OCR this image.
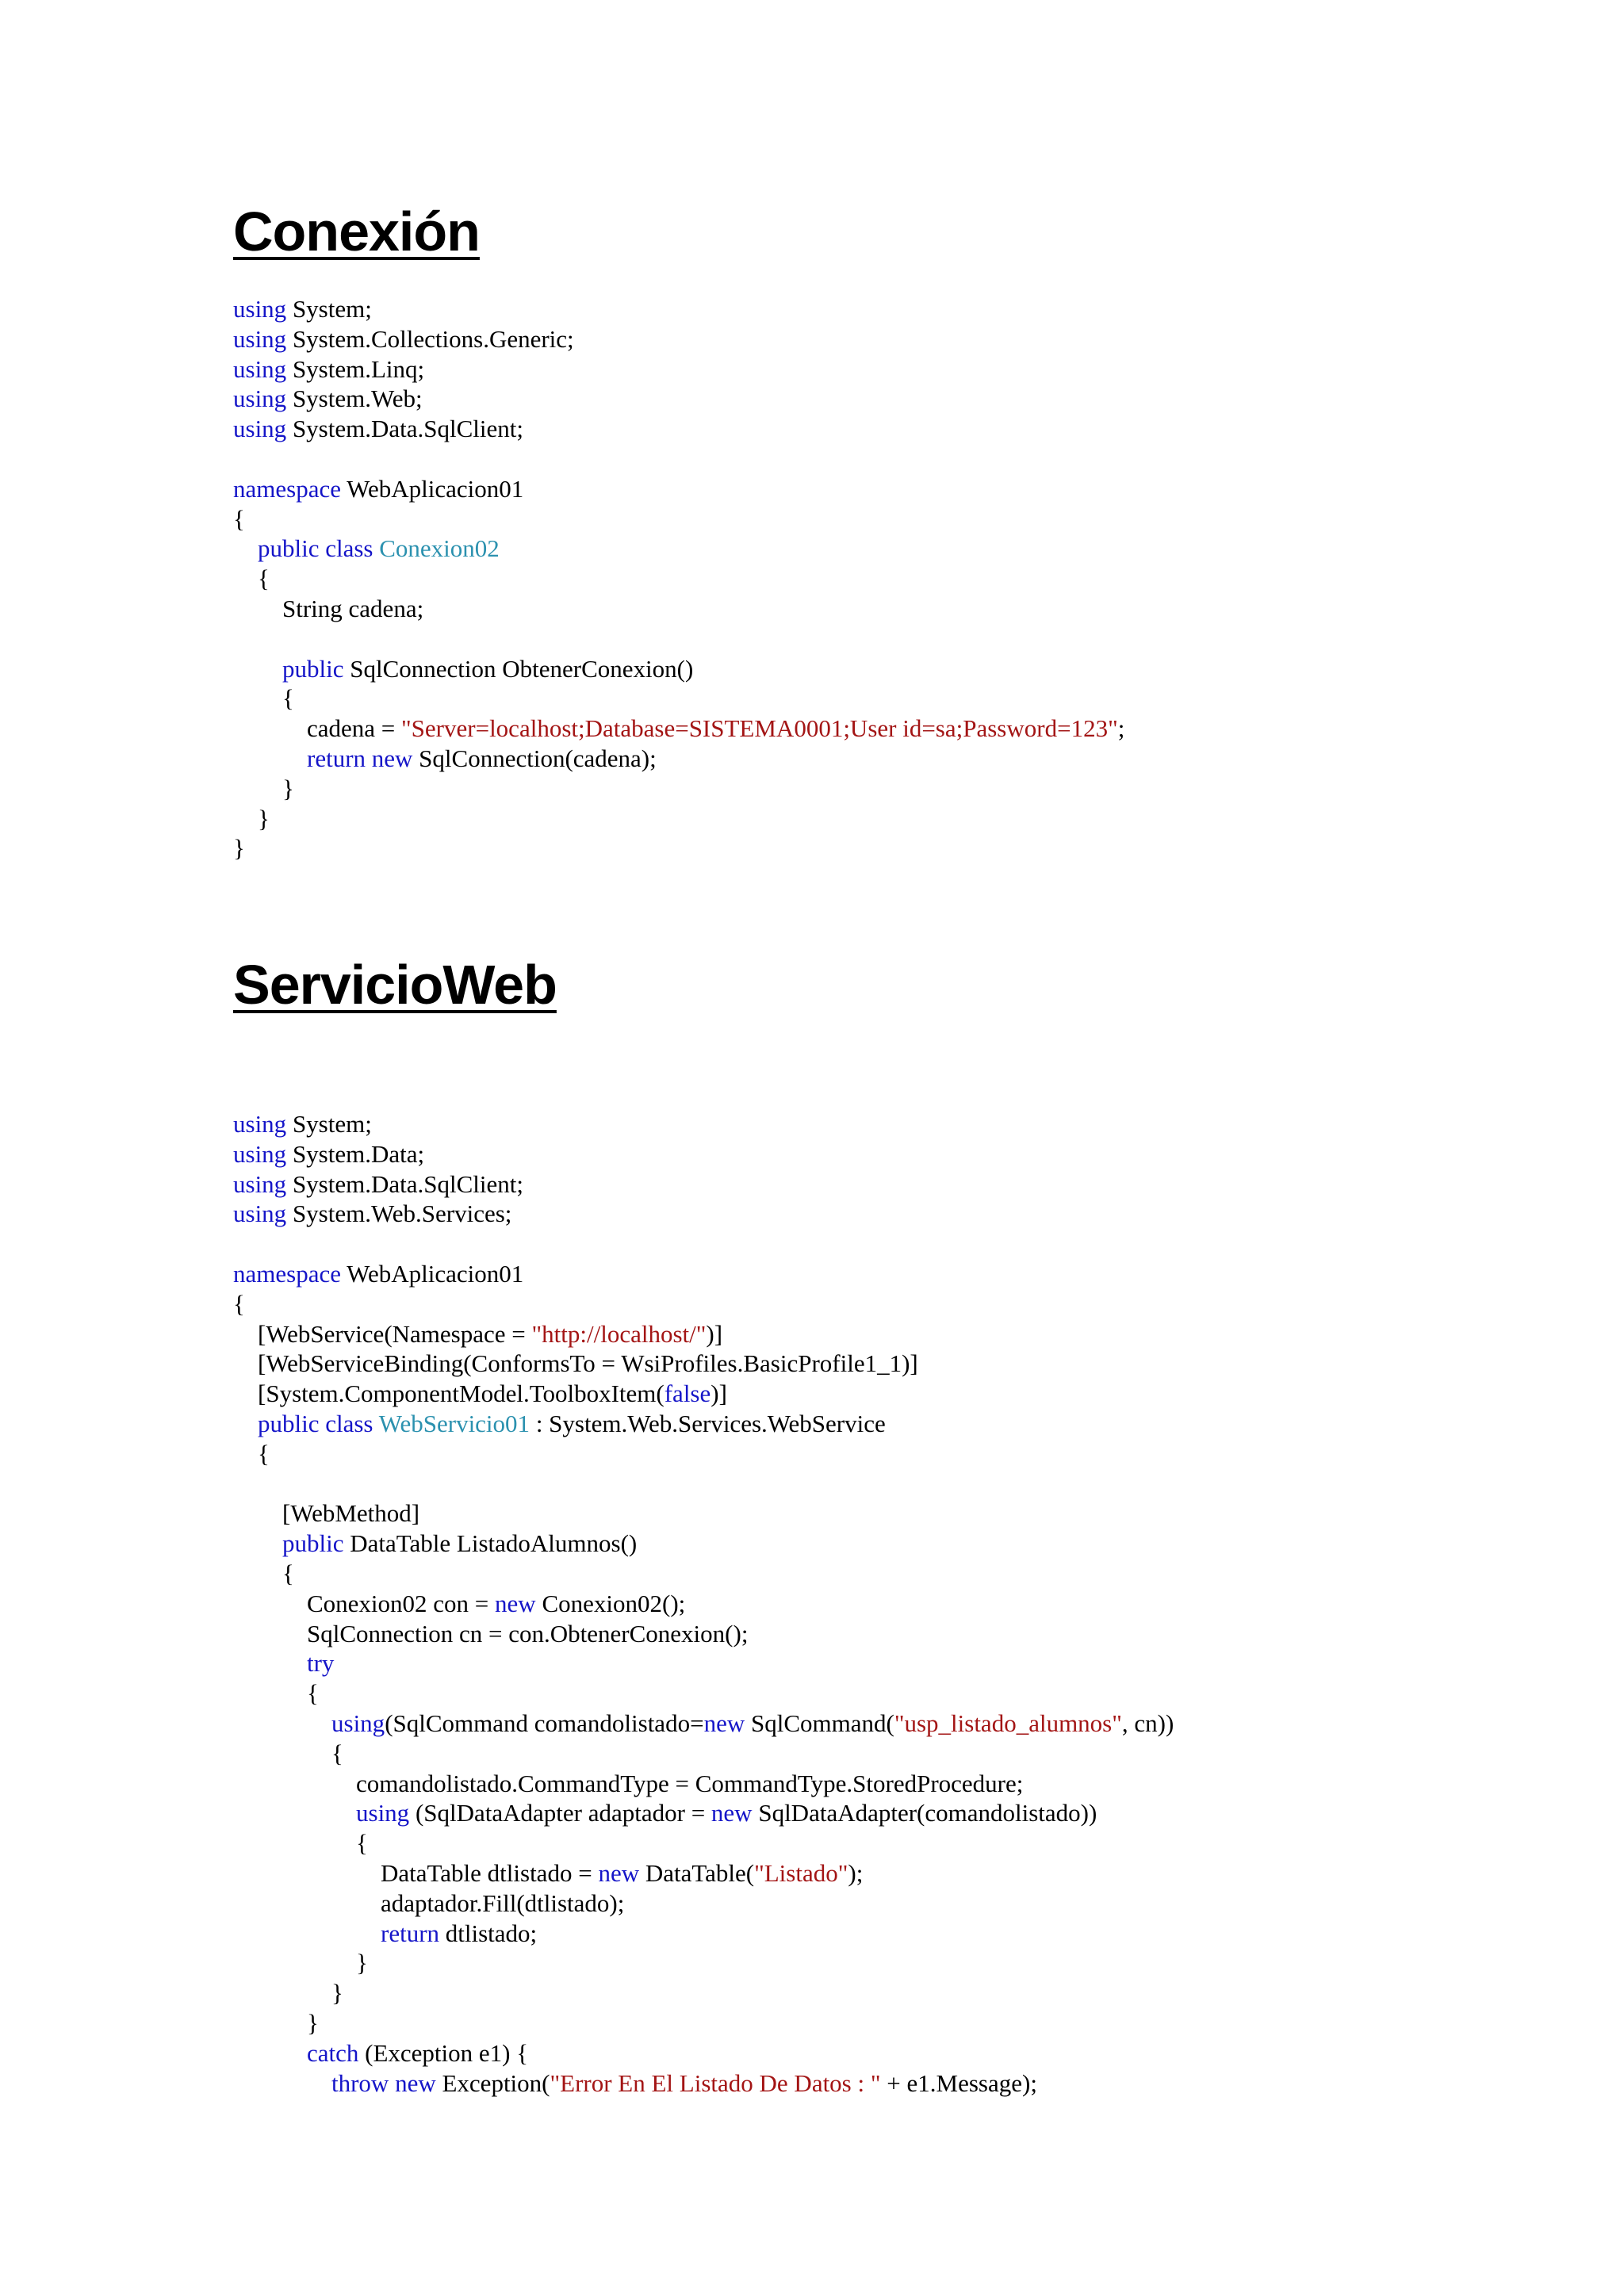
Conexión
using System;
using System.Collections.Generic;
using System.Linq;
using System.Web;
using System.Data.SqlClient;
namespace WebAplicacion01
{
public class Conexion02
{
String cadena;
public SqlConnection ObtenerConexion()
{
cadena = "Server=localhost;Database=SISTEMA0001;User id=sa;Password=123";
return new SqlConnection(cadena);
}
}
}
ServicioWeb
using System;
using System.Data;
using System.Data.SqlClient;
using System.Web.Services;
namespace WebAplicacion01
{
[WebService(Namespace = "http://localhost/")]
[WebServiceBinding(ConformsTo = WsiProfiles.BasicProfile1_1)]
[System.ComponentModel.ToolboxItem(false)]
public class WebServicio01 : System.Web.Services.WebService
{
[WebMethod]
public DataTable ListadoAlumnos()
{
Conexion02 con = new Conexion02();
SqlConnection cn = con.ObtenerConexion();
try
{
using(SqlCommand comandolistado=new SqlCommand("usp_listado_alumnos", cn))
{
comandolistado.CommandType = CommandType.StoredProcedure;
using (SqlDataAdapter adaptador = new SqlDataAdapter(comandolistado))
{
DataTable dtlistado = new DataTable("Listado");
adaptador.Fill(dtlistado);
return dtlistado;
}
}
}
catch (Exception e1) {
throw new Exception("Error En El Listado De Datos : " + e1.Message);
